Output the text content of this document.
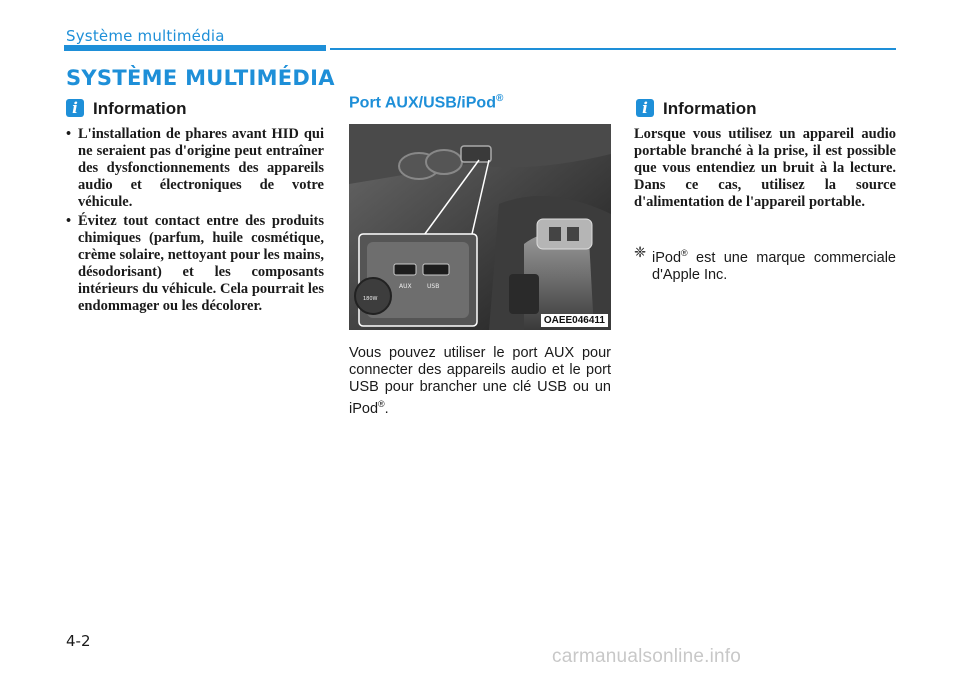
Système multimédia
SYSTÈME MULTIMÉDIA
i Information
• L'installation de phares avant HID qui ne seraient pas d'origine peut entraîner des dysfonctionnements des appareils audio et électroniques de votre véhicule.
• Évitez tout contact entre des produits chimiques (parfum, huile cosmétique, crème solaire, nettoyant pour les mains, désodorisant) et les composants intérieurs du véhicule. Cela pourrait les endommager ou les décolorer.
Port AUX/USB/iPod®
AUX	USB
180W
OAEE046411

Vous pouvez utiliser le port AUX pour connecter des appareils audio et le port USB pour brancher une clé USB ou un iPod®.

i Information

Lorsque vous utilisez un appareil audio portable branché à la prise, il est possible que vous entendiez un bruit à la lecture. Dans ce cas, utilisez la source d'alimentation de l'appareil portable.

❈ iPod® est une marque commerciale d'Apple Inc.

4-2
carmanualsonline.info
